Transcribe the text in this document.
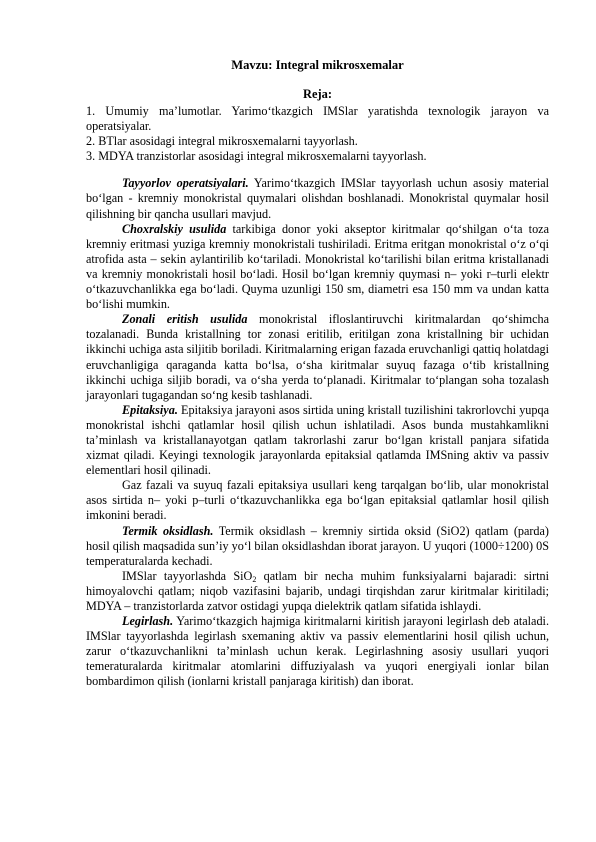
Mavzu: Integral mikrosxemalar

Reja:

1. Umumiy ma’lumotlar. Yarimo‘tkazgich IMSlar yaratishda texnologik jarayon va operatsiyalar.

2. BTlar asosidagi integral mikrosxemalarni tayyorlash.

3. MDYA tranzistorlar asosidagi integral mikrosxemalarni tayyorlash.

Tayyorlov operatsiyalari. Yarimo‘tkazgich IMSlar tayyorlash uchun asosiy material bo‘lgan - kremniy monokristal quymalari olishdan boshlanadi. Monokristal quymalar hosil qilishning bir qancha usullari mavjud.

Choxralskiy usulida tarkibiga donor yoki akseptor kiritmalar qo‘shilgan o‘ta toza kremniy eritmasi yuziga kremniy monokristali tushiriladi. Eritma eritgan monokristal o‘z o‘qi atrofida asta – sekin aylantirilib ko‘tariladi. Monokristal ko‘tarilishi bilan eritma kristallanadi va kremniy monokristali hosil bo‘ladi. Hosil bo‘lgan kremniy quymasi n– yoki r–turli elektr o‘tkazuvchanlikka ega bo‘ladi. Quyma uzunligi 150 sm, diametri esa 150 mm va undan katta bo‘lishi mumkin.

Zonali eritish usulida monokristal ifloslantiruvchi kiritmalardan qo‘shimcha tozalanadi. Bunda kristallning tor zonasi eritilib, eritilgan zona kristallning bir uchidan ikkinchi uchiga asta siljitib boriladi. Kiritmalarning erigan fazada eruvchanligi qattiq holatdagi eruvchanligiga qaraganda katta bo‘lsa, o‘sha kiritmalar suyuq fazaga o‘tib kristallning ikkinchi uchiga siljib boradi, va o‘sha yerda to‘planadi. Kiritmalar to‘plangan soha tozalash jarayonlari tugagandan so‘ng kesib tashlanadi.

Epitaksiya. Epitaksiya jarayoni asos sirtida uning kristall tuzilishini takrorlovchi yupqa monokristal ishchi qatlamlar hosil qilish uchun ishlatiladi. Asos bunda mustahkamlikni ta’minlash va kristallanayotgan qatlam takrorlashi zarur bo‘lgan kristall panjara sifatida xizmat qiladi. Keyingi texnologik jarayonlarda epitaksial qatlamda IMSning aktiv va passiv elementlari hosil qilinadi.

Gaz fazali va suyuq fazali epitaksiya usullari keng tarqalgan bo‘lib, ular monokristal asos sirtida n– yoki p–turli o‘tkazuvchanlikka ega bo‘lgan epitaksial qatlamlar hosil qilish imkonini beradi.

Termik oksidlash. Termik oksidlash – kremniy sirtida oksid (SiO2) qatlam (parda) hosil qilish maqsadida sun’iy yo‘l bilan oksidlashdan iborat jarayon. U yuqori (1000÷1200) 0S temperaturalarda kechadi.

IMSlar tayyorlashda SiO$_2$ qatlam bir necha muhim funksiyalarni bajaradi: sirtni himoyalovchi qatlam; niqob vazifasini bajarib, undagi tirqishdan zarur kiritmalar kiritiladi; MDYA – tranzistorlarda zatvor ostidagi yupqa dielektrik qatlam sifatida ishlaydi.

Legirlash. Yarimo‘tkazgich hajmiga kiritmalarni kiritish jarayoni legirlash deb ataladi. IMSlar tayyorlashda legirlash sxemaning aktiv va passiv elementlarini hosil qilish uchun, zarur o‘tkazuvchanlikni ta’minlash uchun kerak. Legirlashning asosiy usullari yuqori temeraturalarda kiritmalar atomlarini diffuziyalash va yuqori energiyali ionlar bilan bombardimon qilish (ionlarni kristall panjaraga kiritish) dan iborat.
